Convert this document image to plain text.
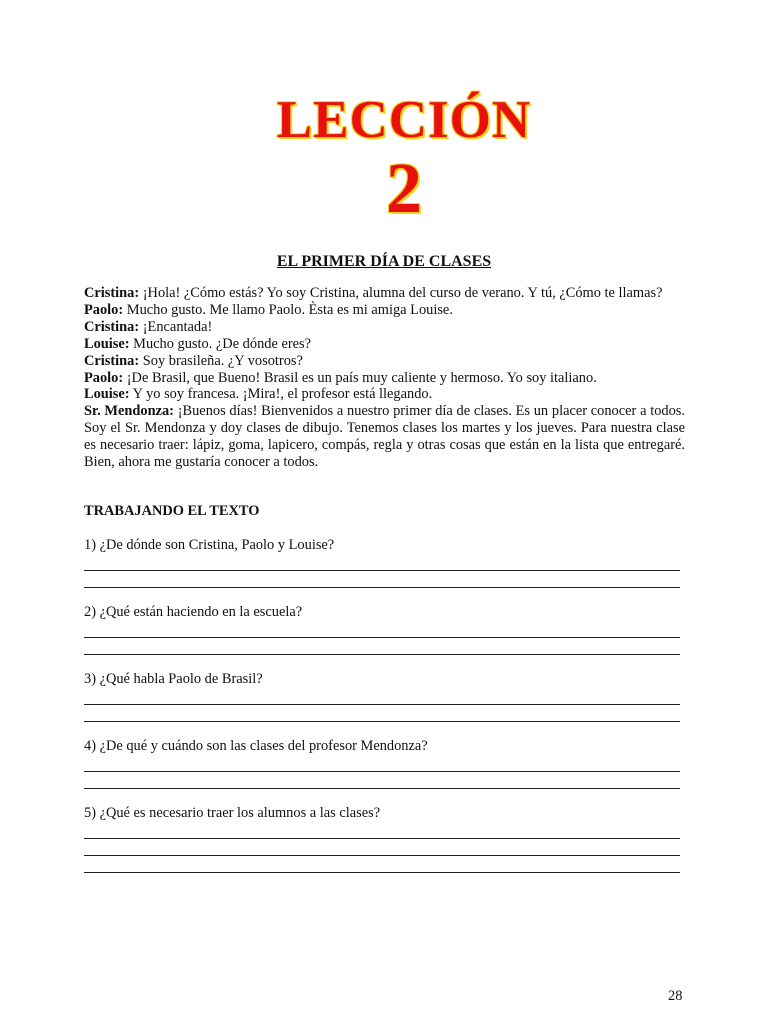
LECCIÓN
2
EL PRIMER DÍA DE CLASES
Cristina: ¡Hola! ¿Cómo estás? Yo soy Cristina, alumna del curso de verano. Y tú, ¿Cómo te llamas?
Paolo: Mucho gusto. Me llamo Paolo. Èsta es mi amiga Louise.
Cristina: ¡Encantada!
Louise: Mucho gusto. ¿De dónde eres?
Cristina: Soy brasileña. ¿Y vosotros?
Paolo: ¡De Brasil, que Bueno! Brasil es un país muy caliente y hermoso. Yo soy italiano.
Louise: Y yo soy francesa. ¡Mira!, el profesor está llegando.
Sr. Mendonza: ¡Buenos días! Bienvenidos a nuestro primer día de clases. Es un placer conocer a todos. Soy el Sr. Mendonza y doy clases de dibujo. Tenemos clases los martes y los jueves. Para nuestra clase es necesario traer: lápiz, goma, lapicero, compás, regla y otras cosas que están en la lista que entregaré. Bien, ahora me gustaría conocer a todos.
TRABAJANDO EL TEXTO
1) ¿De dónde son Cristina, Paolo y Louise?
2) ¿Qué están haciendo en la escuela?
3) ¿Qué habla Paolo de Brasil?
4) ¿De qué y cuándo son las clases del profesor Mendonza?
5) ¿Qué es necesario traer los alumnos a las clases?
28
